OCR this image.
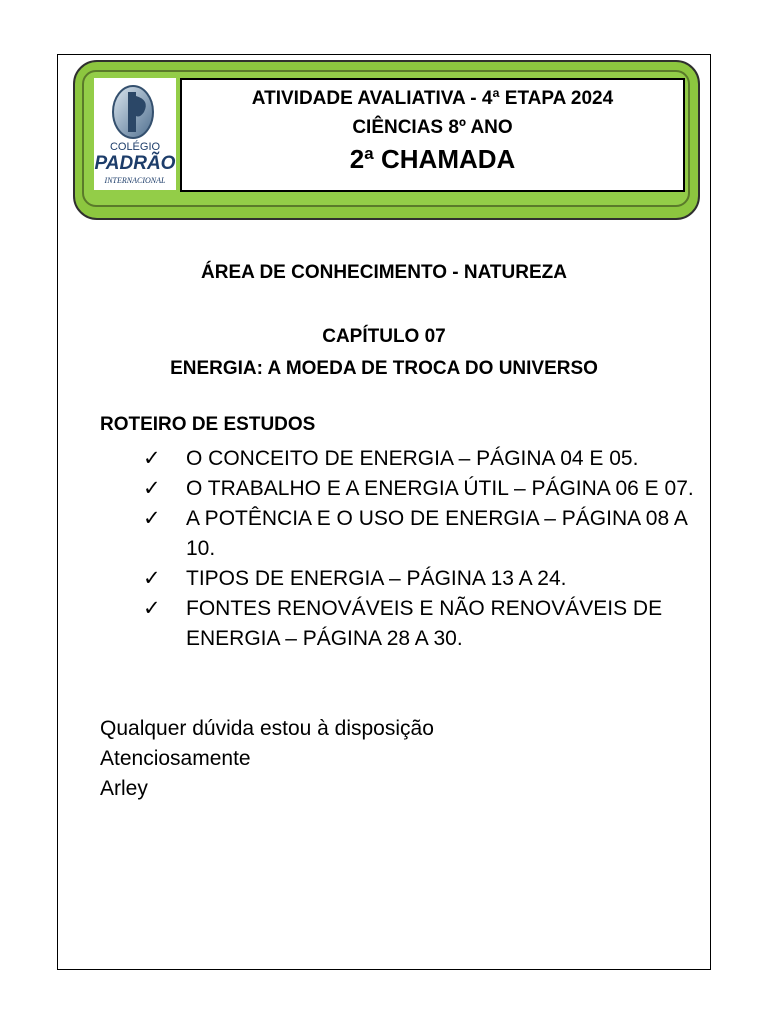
COLÉGIO
PADRÃO
INTERNACIONAL
ATIVIDADE AVALIATIVA - 4ª ETAPA 2024
CIÊNCIAS 8º ANO
2ª CHAMADA
ÁREA DE CONHECIMENTO - NATUREZA
CAPÍTULO 07
ENERGIA: A MOEDA DE TROCA DO UNIVERSO
ROTEIRO DE ESTUDOS
✓ O CONCEITO DE ENERGIA – PÁGINA 04 E 05.
✓ O TRABALHO E A ENERGIA ÚTIL – PÁGINA 06 E 07.
✓ A POTÊNCIA E O USO DE ENERGIA – PÁGINA 08 A 10.
✓ TIPOS DE ENERGIA – PÁGINA 13 A 24.
✓ FONTES RENOVÁVEIS E NÃO RENOVÁVEIS DE ENERGIA – PÁGINA 28 A 30.
Qualquer dúvida estou à disposição
Atenciosamente
Arley
